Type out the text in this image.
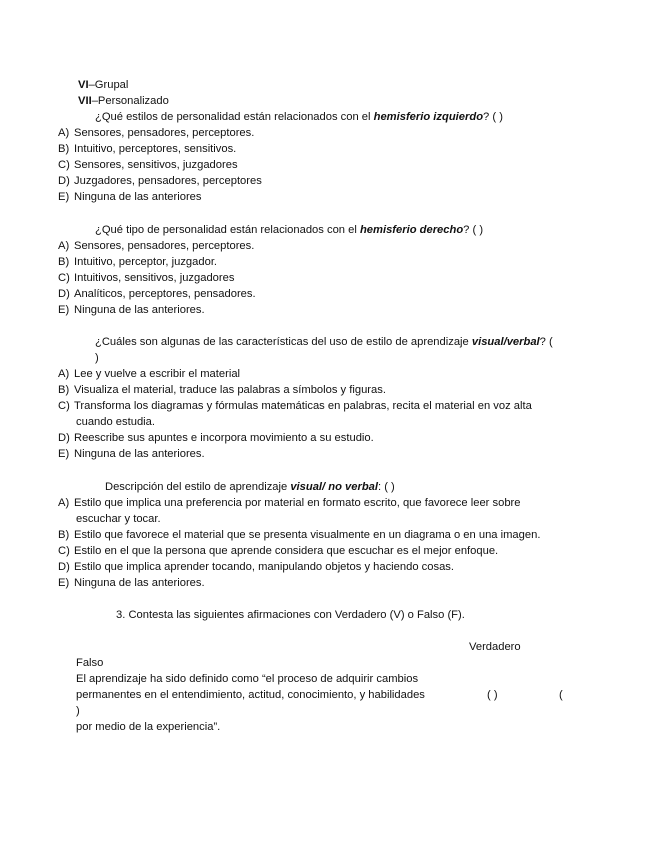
VI–Grupal
VII–Personalizado
¿Qué estilos de personalidad están relacionados con el hemisferio izquierdo? ( )
A) Sensores, pensadores, perceptores.
B) Intuitivo, perceptores, sensitivos.
C) Sensores, sensitivos, juzgadores
D) Juzgadores, pensadores, perceptores
E) Ninguna de las anteriores
¿Qué tipo de personalidad están relacionados con el hemisferio derecho? ( )
A) Sensores, pensadores, perceptores.
B) Intuitivo, perceptor, juzgador.
C) Intuitivos, sensitivos, juzgadores
D) Analíticos, perceptores, pensadores.
E) Ninguna de las anteriores.
¿Cuáles son algunas de las características del uso de estilo de aprendizaje visual/verbal? (
)
A) Lee y vuelve a escribir el material
B) Visualiza el material, traduce las palabras a símbolos y figuras.
C) Transforma los diagramas y fórmulas matemáticas en palabras, recita el material en voz alta
cuando estudia.
D) Reescribe sus apuntes e incorpora movimiento a su estudio.
E) Ninguna de las anteriores.
Descripción del estilo de aprendizaje visual/ no verbal: ( )
A) Estilo que implica una preferencia por material en formato escrito, que favorece leer sobre
escuchar y tocar.
B) Estilo que favorece el material que se presenta visualmente en un diagrama o en una imagen.
C) Estilo en el que la persona que aprende considera que escuchar es el mejor enfoque.
D) Estilo que implica aprender tocando, manipulando objetos y haciendo cosas.
E) Ninguna de las anteriores.
3. Contesta las siguientes afirmaciones con Verdadero (V) o Falso (F).
Verdadero
Falso
El aprendizaje ha sido definido como “el proceso de adquirir cambios
permanentes en el entendimiento, actitud, conocimiento, y habilidades	( )	(
)
por medio de la experiencia”.
